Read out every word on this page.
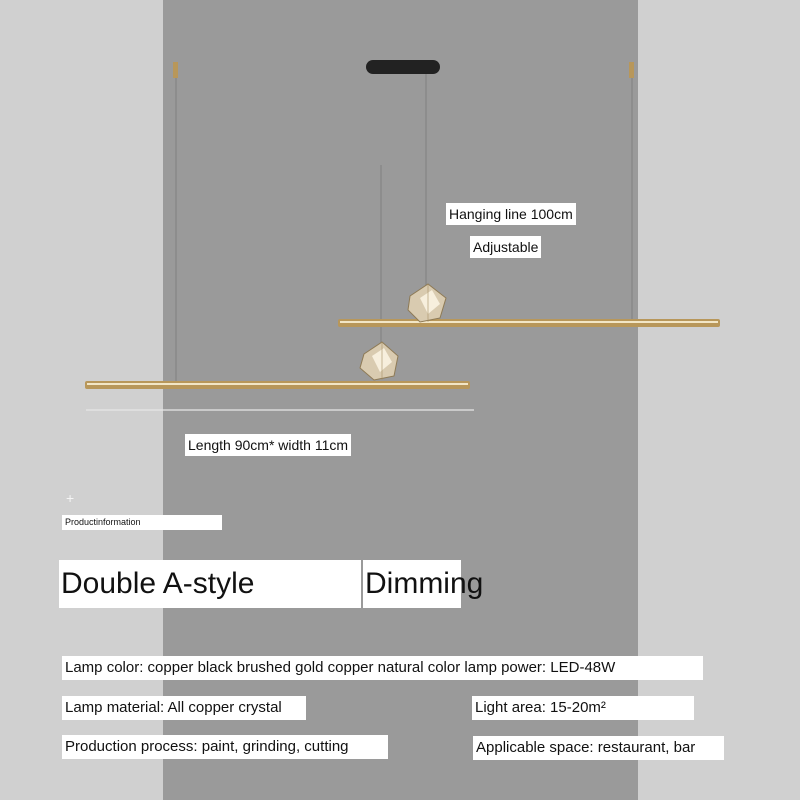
Hanging line 100cm
Adjustable
Length 90cm* width 11cm
+
Productinformation
Double A-style	Dimming
Lamp color: copper black brushed gold copper natural color lamp power: LED-48W
Lamp material: All copper crystal	Light area: 15-20m²
Production process: paint, grinding, cutting	Applicable space: restaurant, bar
